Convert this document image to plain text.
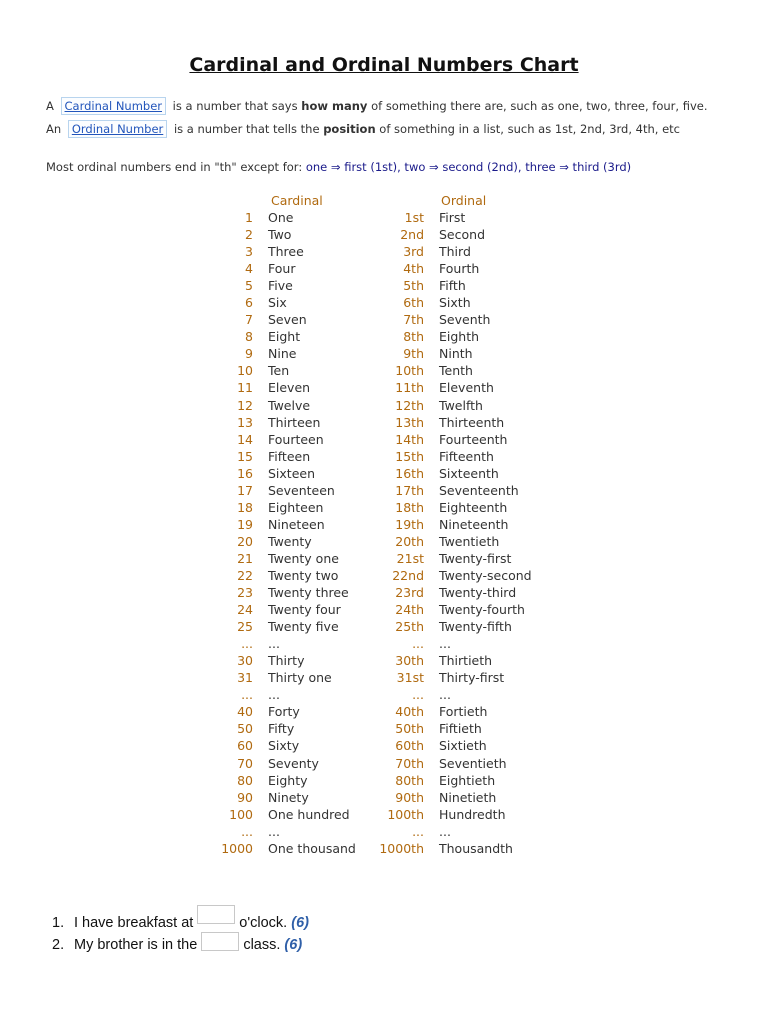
Cardinal and Ordinal Numbers Chart
A Cardinal Number is a number that says how many of something there are, such as one, two, three, four, five.
An Ordinal Number is a number that tells the position of something in a list, such as 1st, 2nd, 3rd, 4th, etc
Most ordinal numbers end in "th" except for: one ⇒ first (1st), two ⇒ second (2nd), three ⇒ third (3rd)
Cardinal	Ordinal
1 One	1st First
2 Two	2nd Second
3 Three	3rd Third
4 Four	4th Fourth
5 Five	5th Fifth
6 Six	6th Sixth
7 Seven	7th Seventh
8 Eight	8th Eighth
9 Nine	9th Ninth
10 Ten	10th Tenth
11 Eleven	11th Eleventh
12 Twelve	12th Twelfth
13 Thirteen	13th Thirteenth
14 Fourteen	14th Fourteenth
15 Fifteen	15th Fifteenth
16 Sixteen	16th Sixteenth
17 Seventeen	17th Seventeenth
18 Eighteen	18th Eighteenth
19 Nineteen	19th Nineteenth
20 Twenty	20th Twentieth
21 Twenty one	21st Twenty-first
22 Twenty two	22nd Twenty-second
23 Twenty three	23rd Twenty-third
24 Twenty four	24th Twenty-fourth
25 Twenty five	25th Twenty-fifth
... ...	... ...
30 Thirty	30th Thirtieth
31 Thirty one	31st Thirty-first
... ...	... ...
40 Forty	40th Fortieth
50 Fifty	50th Fiftieth
60 Sixty	60th Sixtieth
70 Seventy	70th Seventieth
80 Eighty	80th Eightieth
90 Ninety	90th Ninetieth
100 One hundred	100th Hundredth
... ...	... ...
1000 One thousand 1000th Thousandth
1. I have breakfast at	o'clock. (6)
2. My brother is in the	class. (6)
